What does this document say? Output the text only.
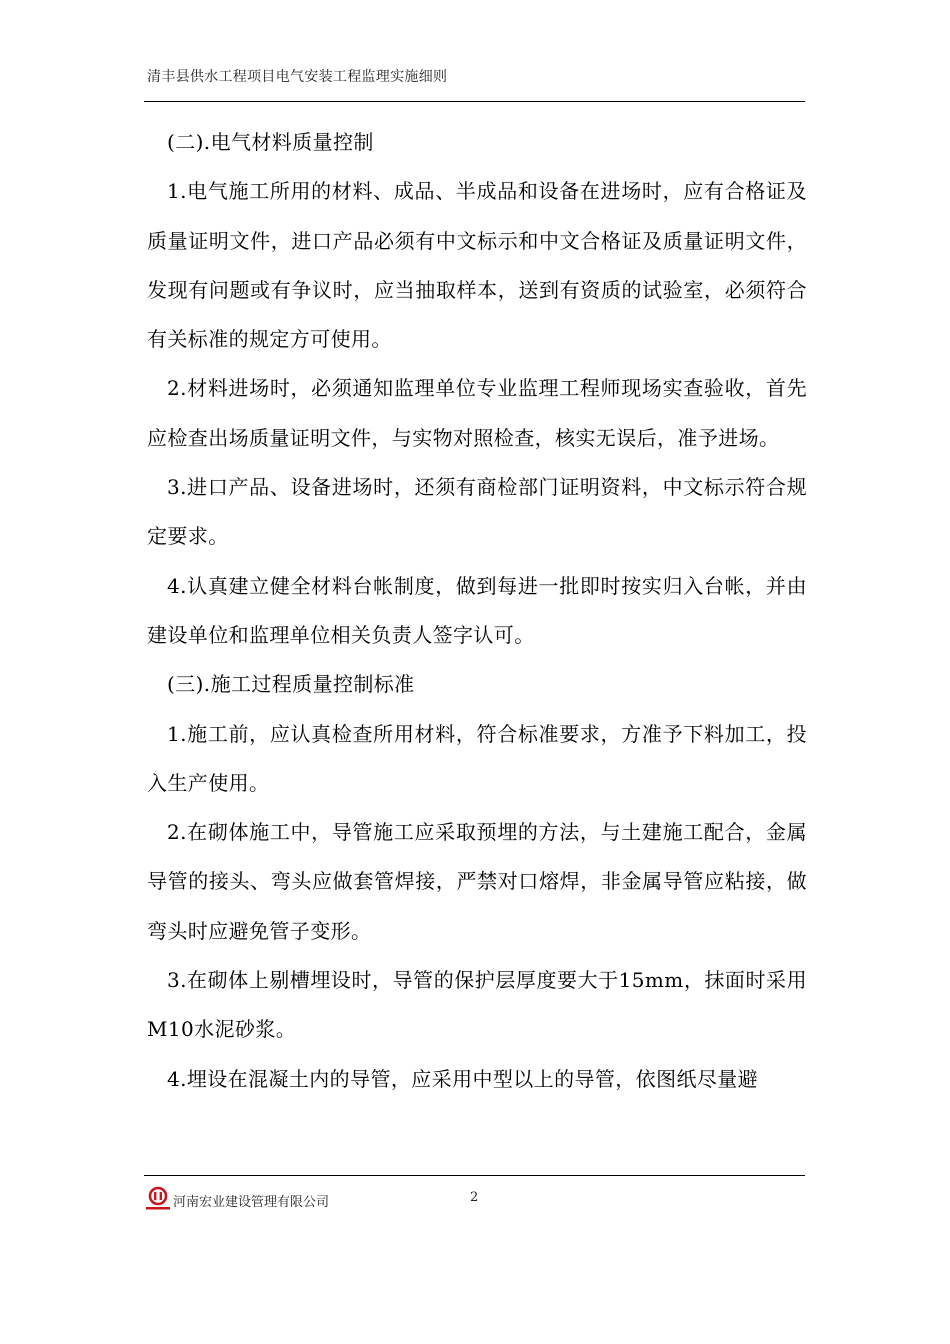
清丰县供水工程项目电气安装工程监理实施细则

(二).电气材料质量控制

1.电气施工所用的材料、成品、半成品和设备在进场时，应有合格证及质量证明文件，进口产品必须有中文标示和中文合格证及质量证明文件，发现有问题或有争议时，应当抽取样本，送到有资质的试验室，必须符合有关标准的规定方可使用。

2.材料进场时，必须通知监理单位专业监理工程师现场实查验收，首先应检查出场质量证明文件，与实物对照检查，核实无误后，准予进场。

3.进口产品、设备进场时，还须有商检部门证明资料，中文标示符合规定要求。

4.认真建立健全材料台帐制度，做到每进一批即时按实归入台帐，并由建设单位和监理单位相关负责人签字认可。

(三).施工过程质量控制标准

1.施工前，应认真检查所用材料，符合标准要求，方准予下料加工，投入生产使用。

2.在砌体施工中，导管施工应采取预埋的方法，与土建施工配合，金属导管的接头、弯头应做套管焊接，严禁对口熔焊，非金属导管应粘接，做弯头时应避免管子变形。

3.在砌体上剔槽埋设时，导管的保护层厚度要大于15mm，抹面时采用M10水泥砂浆。

4.埋设在混凝土内的导管，应采用中型以上的导管，依图纸尽量避

河南宏业建设管理有限公司	2
